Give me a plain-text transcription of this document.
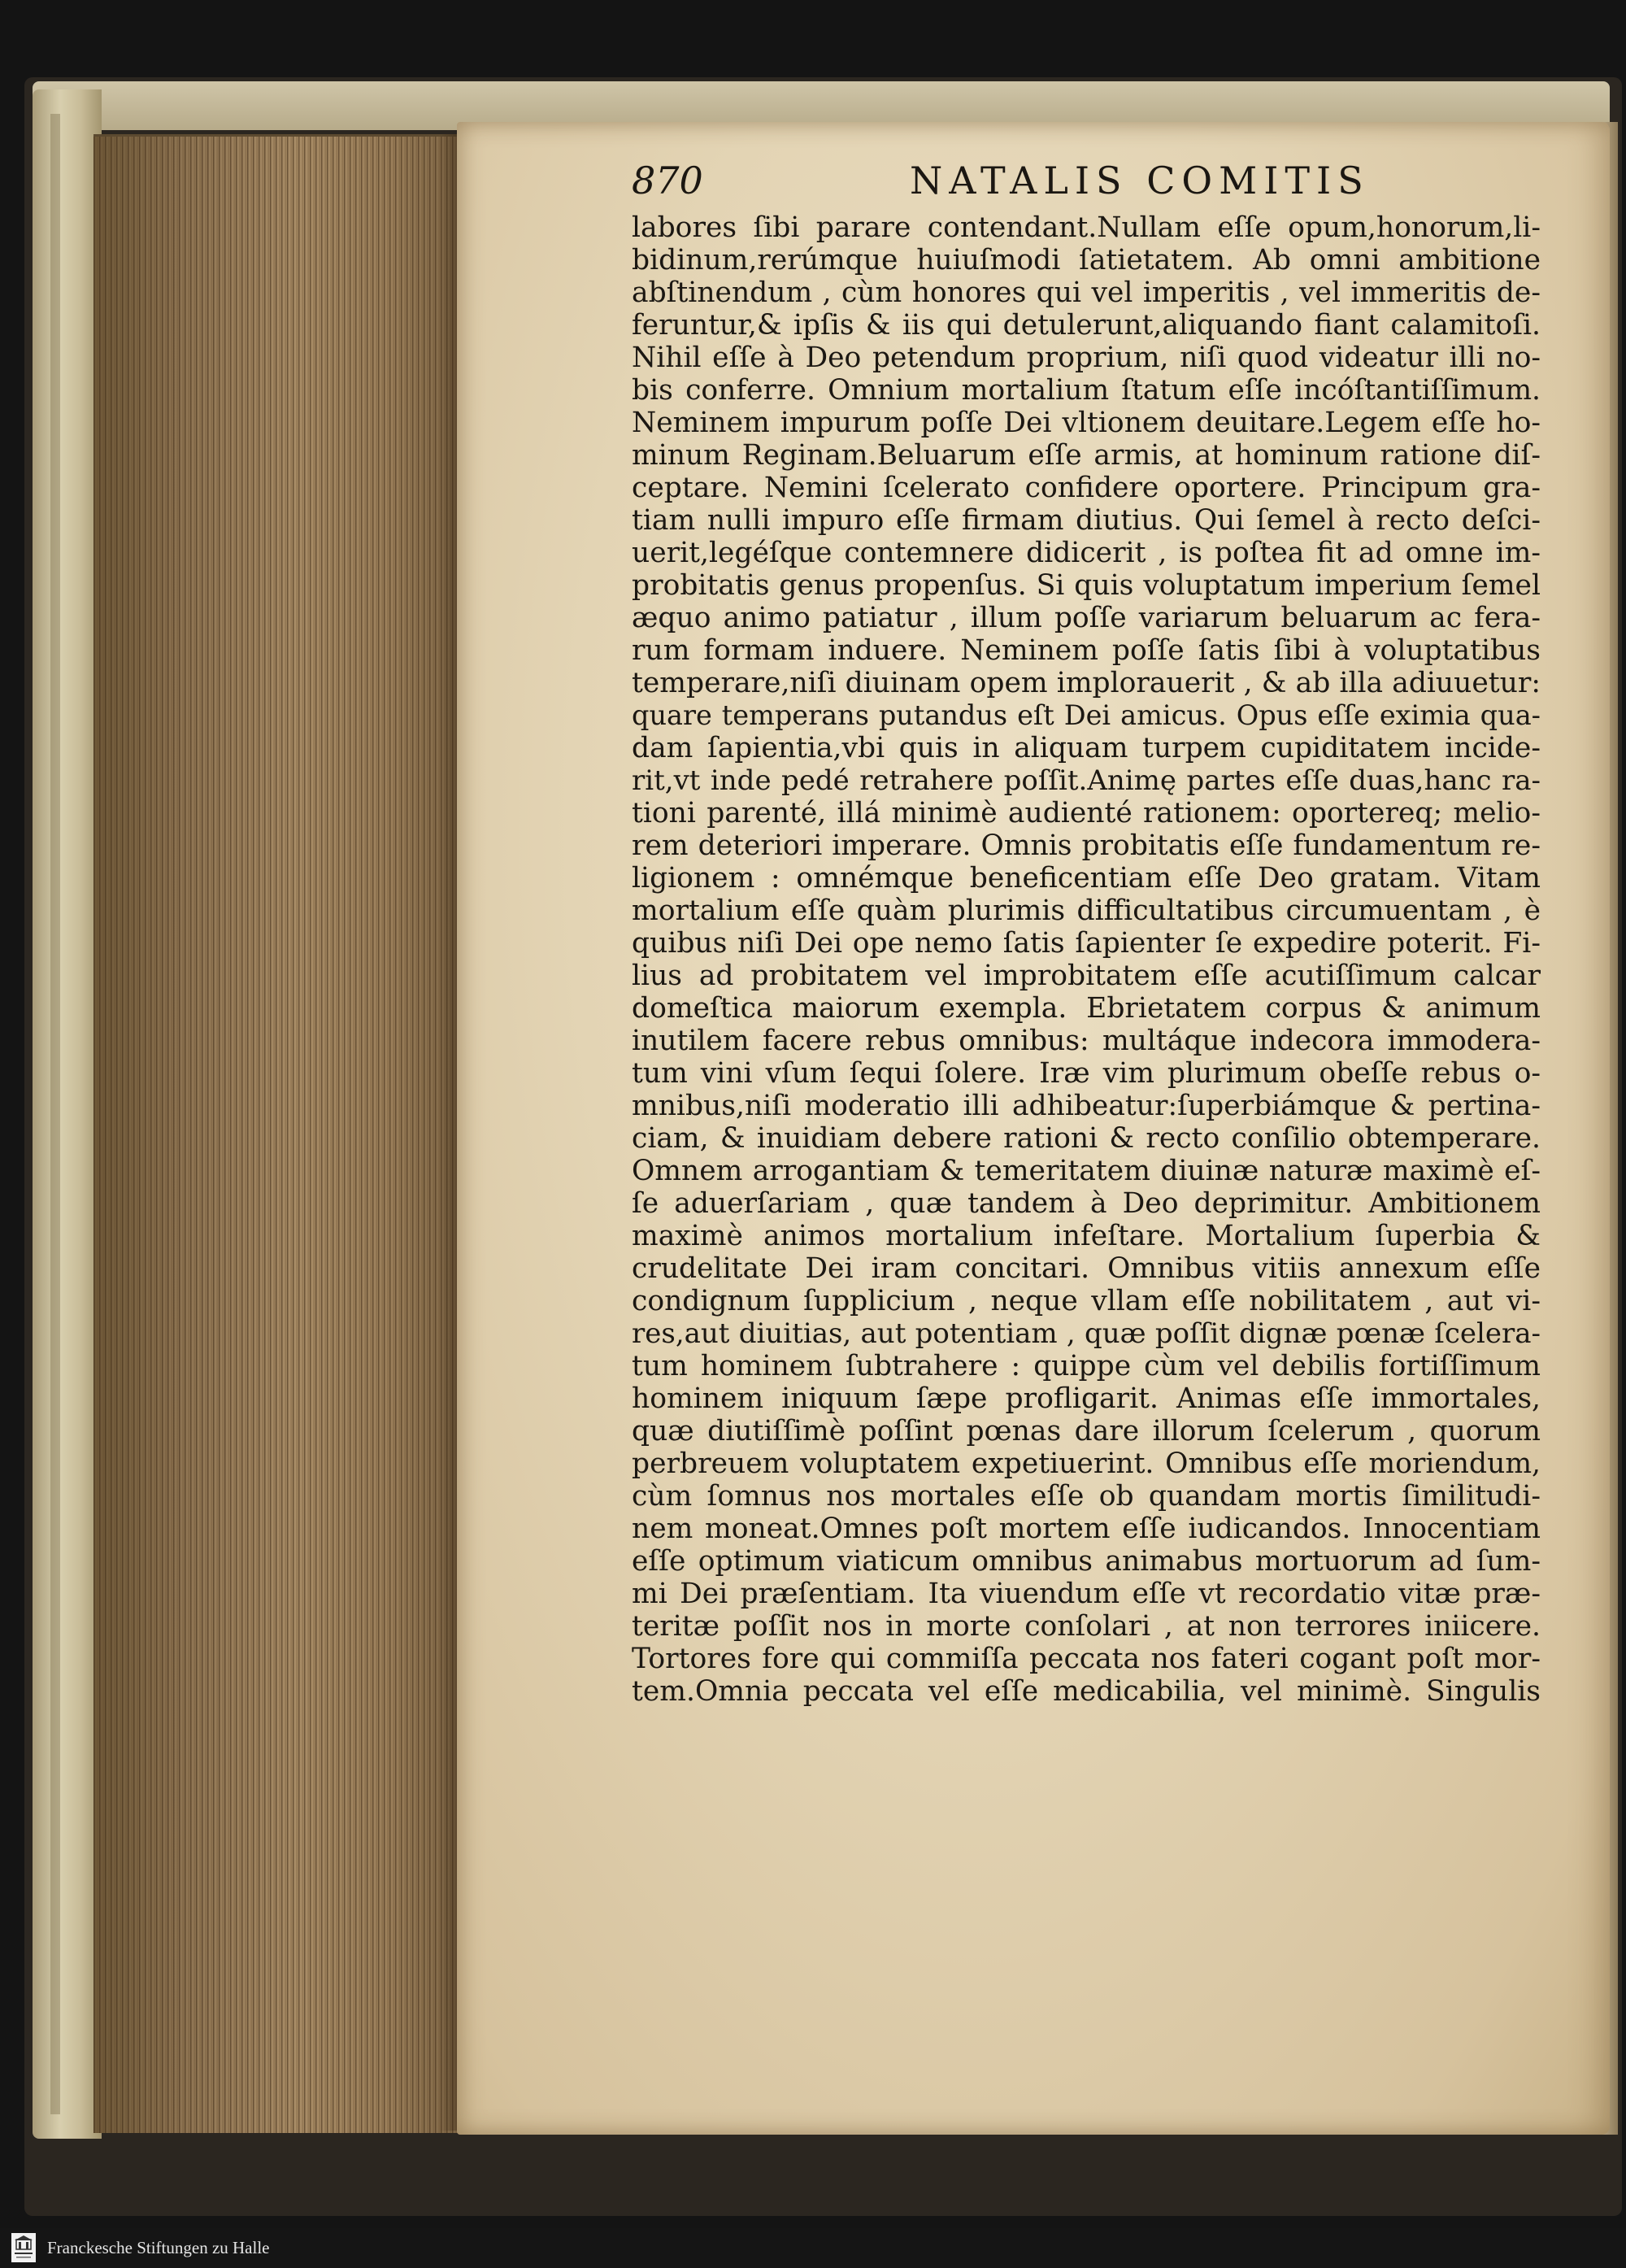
870	NATALIS COMITIS
labores ſibi parare contendant.Nullam eſſe opum,honorum,li-
bidinum,rerúmque huiuſmodi ſatietatem. Ab omni ambitione
abſtinendum , cùm honores qui vel imperitis , vel immeritis de-
feruntur,& ipſis & iis qui detulerunt,aliquando fiant calamitoſi.
Nihil eſſe à Deo petendum proprium, niſi quod videatur illi no-
bis conferre. Omnium mortalium ſtatum eſſe incóſtantiſſimum.
Neminem impurum poſſe Dei vltionem deuitare.Legem eſſe ho-
minum Reginam.Beluarum eſſe armis, at hominum ratione diſ-
ceptare. Nemini ſcelerato confidere oportere. Principum gra-
tiam nulli impuro eſſe firmam diutius. Qui ſemel à recto deſci-
uerit,legéſque contemnere didicerit , is poſtea fit ad omne im-
probitatis genus propenſus. Si quis voluptatum imperium ſemel
æquo animo patiatur , illum poſſe variarum beluarum ac fera-
rum formam induere. Neminem poſſe ſatis ſibi à voluptatibus
temperare,niſi diuinam opem implorauerit , & ab illa adiuuetur:
quare temperans putandus eſt Dei amicus. Opus eſſe eximia qua-
dam ſapientia,vbi quis in aliquam turpem cupiditatem incide-
rit,vt inde pedé retrahere poſſit.Animę partes eſſe duas,hanc ra-
tioni parenté, illá minimè audienté rationem: oportereq; melio-
rem deteriori imperare. Omnis probitatis eſſe fundamentum re-
ligionem : omnémque beneficentiam eſſe Deo gratam. Vitam
mortalium eſſe quàm plurimis difficultatibus circumuentam , è
quibus niſi Dei ope nemo ſatis ſapienter ſe expedire poterit. Fi-
lius ad probitatem vel improbitatem eſſe acutiſſimum calcar
domeſtica maiorum exempla. Ebrietatem corpus & animum
inutilem facere rebus omnibus: multáque indecora immodera-
tum vini vſum ſequi ſolere. Iræ vim plurimum obeſſe rebus o-
mnibus,niſi moderatio illi adhibeatur:ſuperbiámque & pertina-
ciam, & inuidiam debere rationi & recto conſilio obtemperare.
Omnem arrogantiam & temeritatem diuinæ naturæ maximè eſ-
ſe aduerſariam , quæ tandem à Deo deprimitur. Ambitionem
maximè animos mortalium infeſtare. Mortalium ſuperbia &
crudelitate Dei iram concitari. Omnibus vitiis annexum eſſe
condignum ſupplicium , neque vllam eſſe nobilitatem , aut vi-
res,aut diuitias, aut potentiam , quæ poſſit dignæ pœnæ ſcelera-
tum hominem ſubtrahere : quippe cùm vel debilis fortiſſimum
hominem iniquum ſæpe profligarit. Animas eſſe immortales,
quæ diutiſſimè poſſint pœnas dare illorum ſcelerum , quorum
perbreuem voluptatem expetiuerint. Omnibus eſſe moriendum,
cùm ſomnus nos mortales eſſe ob quandam mortis ſimilitudi-
nem moneat.Omnes poſt mortem eſſe iudicandos. Innocentiam
eſſe optimum viaticum omnibus animabus mortuorum ad ſum-
mi Dei præſentiam. Ita viuendum eſſe vt recordatio vitæ præ-
teritæ poſſit nos in morte conſolari , at non terrores iniicere.
Tortores fore qui commiſſa peccata nos fateri cogant poſt mor-
tem.Omnia peccata vel eſſe medicabilia, vel minimè. Singulis
Franckesche Stiftungen zu Halle
